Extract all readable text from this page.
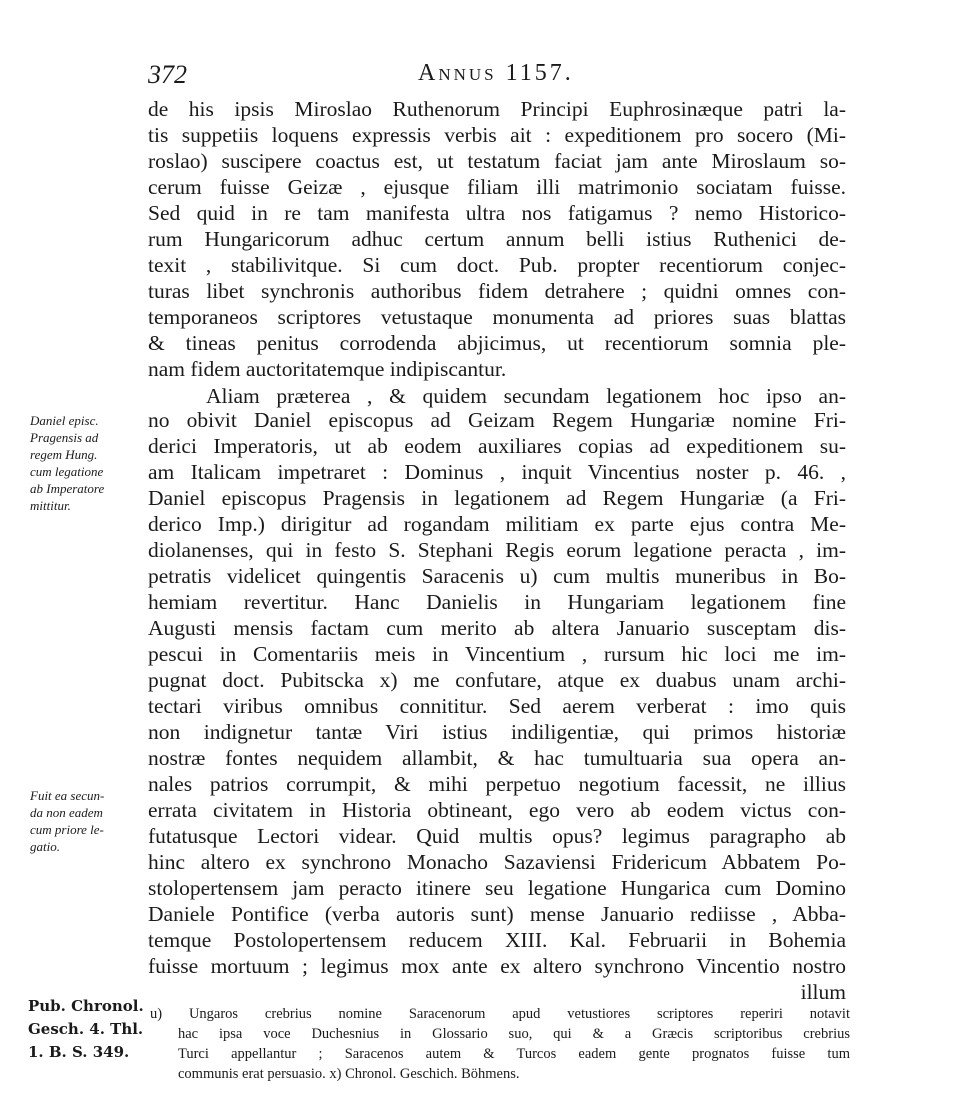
372	Annus 1157.
de his ipsis Miroslao Ruthenorum Principi Euphrosinæque patri la-
tis suppetiis loquens expressis verbis ait : expeditionem pro socero (Mi-
roslao) suscipere coactus est, ut testatum faciat jam ante Miroslaum so-
cerum fuisse Geizæ , ejusque filiam illi matrimonio sociatam fuisse.
Sed quid in re tam manifesta ultra nos fatigamus ? nemo Historico-
rum Hungaricorum adhuc certum annum belli istius Ruthenici de-
texit , stabilivitque. Si cum doct. Pub. propter recentiorum conjec-
turas libet synchronis authoribus fidem detrahere ; quidni omnes con-
temporaneos scriptores vetustaque monumenta ad priores suas blattas
& tineas penitus corrodenda abjicimus, ut recentiorum somnia ple-
nam fidem auctoritatemque indipiscantur.
Aliam præterea , & quidem secundam legationem hoc ipso an-
no obivit Daniel episcopus ad Geizam Regem Hungariæ nomine Fri-
derici Imperatoris, ut ab eodem auxiliares copias ad expeditionem su-
am Italicam impetraret : Dominus , inquit Vincentius noster p. 46. ,
Daniel episcopus Pragensis in legationem ad Regem Hungariæ (a Fri-
derico Imp.) dirigitur ad rogandam militiam ex parte ejus contra Me-
diolanenses, qui in festo S. Stephani Regis eorum legatione peracta , im-
petratis videlicet quingentis Saracenis u) cum multis muneribus in Bo-
hemiam revertitur. Hanc Danielis in Hungariam legationem fine
Augusti mensis factam cum merito ab altera Januario susceptam dis-
pescui in Comentariis meis in Vincentium , rursum hic loci me im-
pugnat doct. Pubitscka x) me confutare, atque ex duabus unam archi-
tectari viribus omnibus connititur. Sed aerem verberat : imo quis
non indignetur tantæ Viri istius indiligentiæ, qui primos historiæ
nostræ fontes nequidem allambit, & hac tumultuaria sua opera an-
nales patrios corrumpit, & mihi perpetuo negotium facessit, ne illius
errata civitatem in Historia obtineant, ego vero ab eodem victus con-
futatusque Lectori videar. Quid multis opus? legimus paragrapho ab
hinc altero ex synchrono Monacho Sazaviensi Fridericum Abbatem Po-
stolopertensem jam peracto itinere seu legatione Hungarica cum Domino
Daniele Pontifice (verba autoris sunt) mense Januario rediisse , Abba-
temque Postolopertensem reducem XIII. Kal. Februarii in Bohemia
fuisse mortuum ; legimus mox ante ex altero synchrono Vincentio nostro
illum
u) Ungaros crebrius nomine Saracenorum apud vetustiores scriptores reperiri notavit
hac ipsa voce Duchesnius in Glossario suo, qui & a Græcis scriptoribus crebrius
Turci appellantur ; Saracenos autem & Turcos eadem gente prognatos fuisse tum
communis erat persuasio. x) Chronol. Geschich. Böhmens.
Daniel episc.
Pragensis ad
regem Hung.
cum legatione
ab Imperatore
mittitur.
Fuit ea secun-
da non eadem
cum priore le-
gatio.
Pub. Chronol.
Gesch. 4. Thl.
1. B. S. 349.
